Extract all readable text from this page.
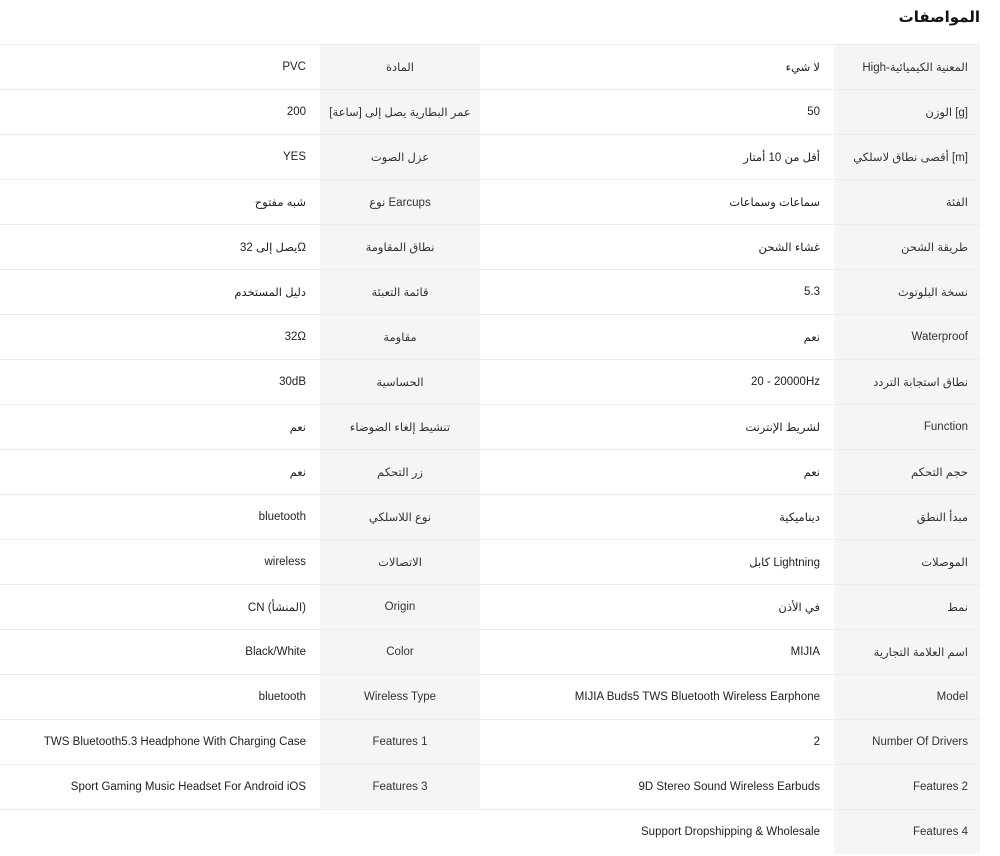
المواصفات
High-المعنية الكيميائية
لا شيء
المادة
PVC
الوزن [g]
50
عمر البطارية يصل إلى [ساعة]
200
أقصى نطاق لاسلكي [m]
أقل من 10 أمتار
عزل الصوت
YES
الفئة
سماعات وسماعات
نوع Earcups
شبه مفتوح
طريقة الشحن
غشاء الشحن
نطاق المقاومة
يصل إلى 32Ω
نسخة البلوتوث
5.3
قائمة التعبئة
دليل المستخدم
Waterproof
نعم
مقاومة
32Ω
نطاق استجابة التردد
20 - 20000Hz
الحساسية
30dB
Function
لشريط الإنترنت
تنشيط إلغاء الضوضاء
نعم
حجم التحكم
نعم
زر التحكم
نعم
مبدأ النطق
ديناميكية
نوع اللاسلكي
bluetooth
الموصلات
كابل Lightning
الاتصالات
wireless
نمط
في الأذن
Origin
CN (المنشأ)
اسم العلامة التجارية
MIJIA
Color
Black/White
Model
MIJIA Buds5 TWS Bluetooth Wireless Earphone
Wireless Type
bluetooth
Number Of Drivers
2
Features 1
TWS Bluetooth5.3 Headphone With Charging Case
Features 2
9D Stereo Sound Wireless Earbuds
Features 3
Sport Gaming Music Headset For Android iOS
Features 4
Support Dropshipping & Wholesale
